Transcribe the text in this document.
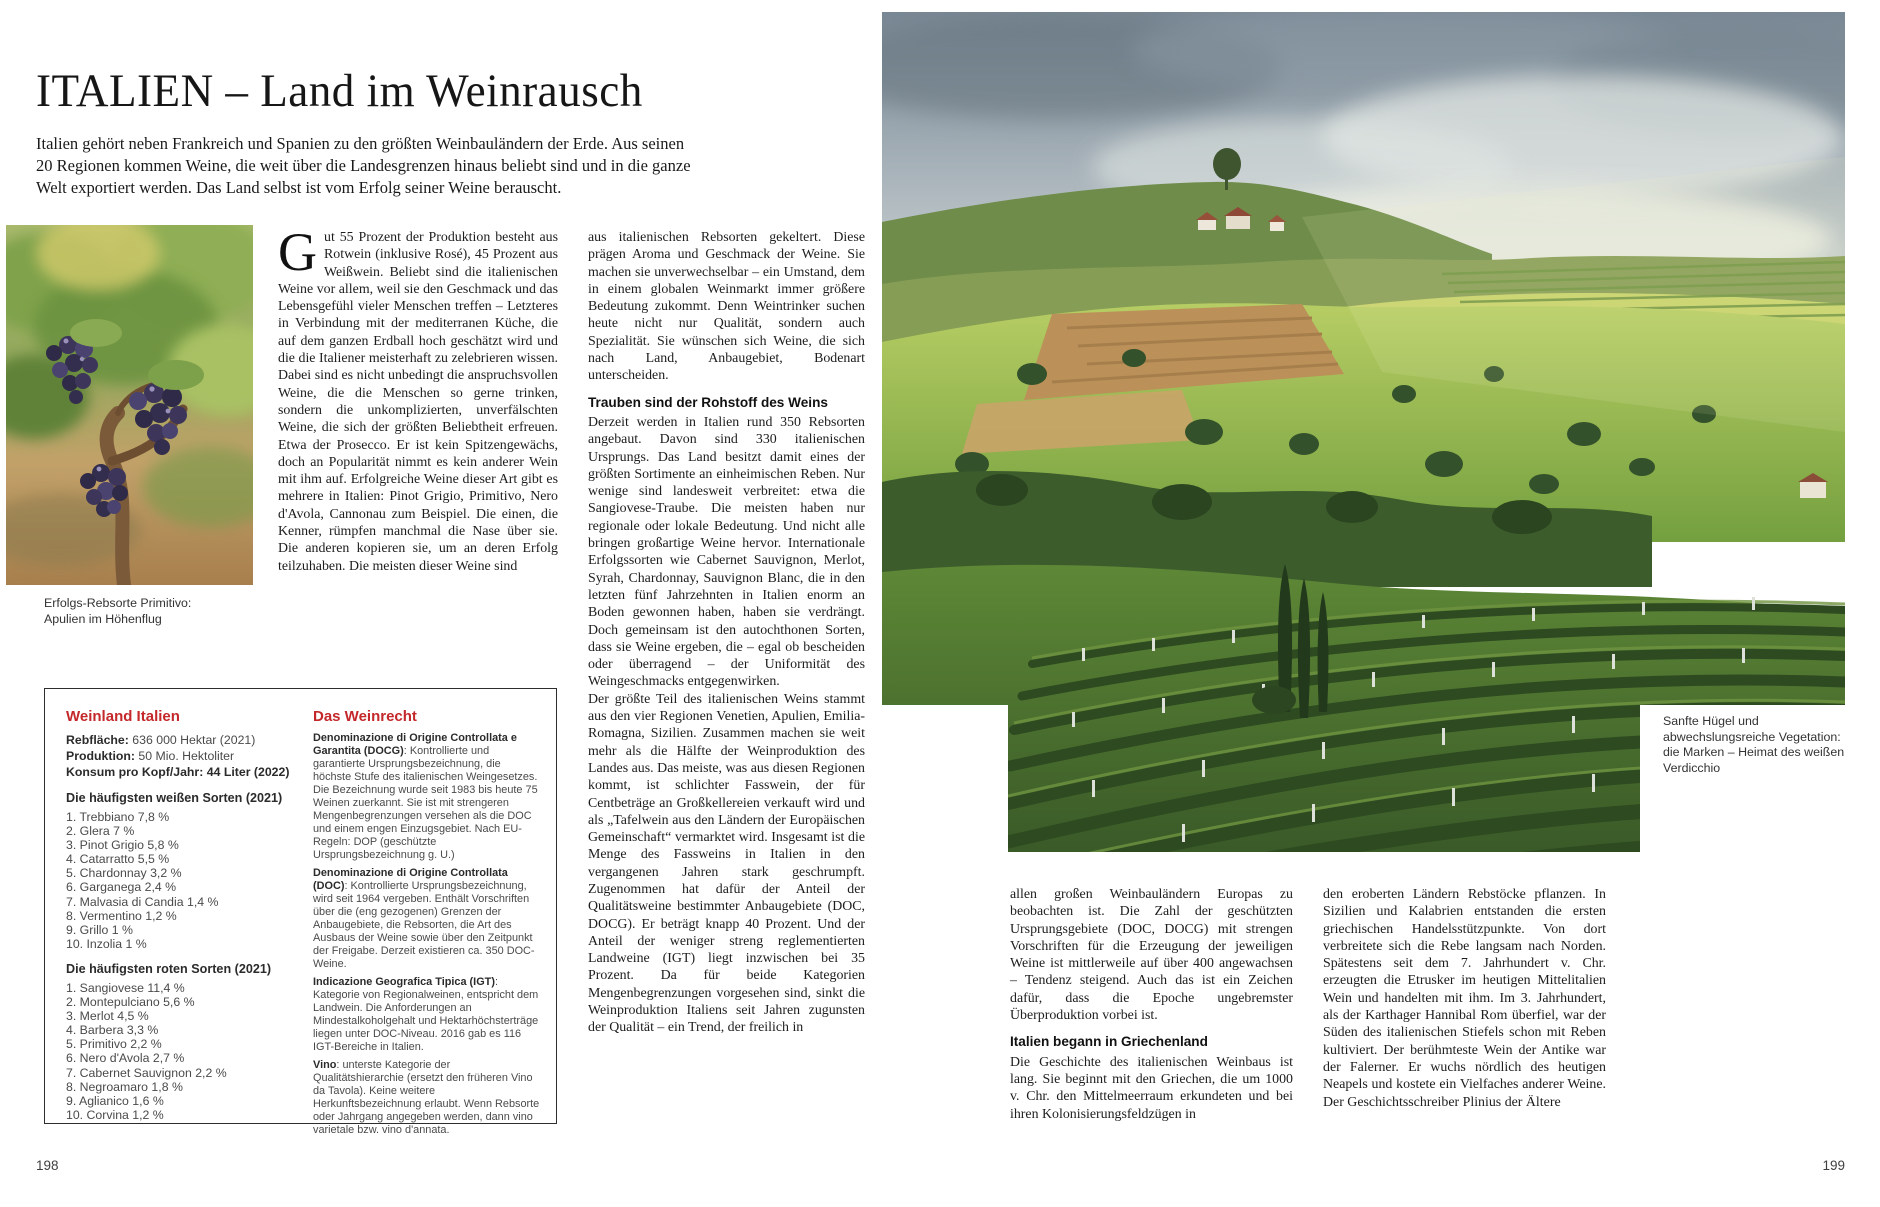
ITALIEN – Land im Weinrausch
Italien gehört neben Frankreich und Spanien zu den größten Weinbauländern der Erde. Aus seinen 20 Regionen kommen Weine, die weit über die Landesgrenzen hinaus beliebt sind und in die ganze Welt exportiert werden. Das Land selbst ist vom Erfolg seiner Weine berauscht.
Erfolgs-Rebsorte Primitivo: Apulien im Höhenflug

Gut 55 Prozent der Produktion besteht aus Rotwein (inklusive Rosé), 45 Prozent aus Weißwein. Beliebt sind die italienischen Weine vor allem, weil sie den Geschmack und das Lebensgefühl vieler Menschen treffen – Letzteres in Verbindung mit der mediterranen Küche, die auf dem ganzen Erdball hoch geschätzt wird und die die Italiener meisterhaft zu zelebrieren wissen. Dabei sind es nicht unbedingt die anspruchsvollen Weine, die die Menschen so gerne trinken, sondern die unkomplizierten, unverfälschten Weine, die sich der größten Beliebtheit erfreuen. Etwa der Prosecco. Er ist kein Spitzengewächs, doch an Popularität nimmt es kein anderer Wein mit ihm auf. Erfolgreiche Weine dieser Art gibt es mehrere in Italien: Pinot Grigio, Primitivo, Nero d'Avola, Cannonau zum Beispiel. Die einen, die Kenner, rümpfen manchmal die Nase über sie. Die anderen kopieren sie, um an deren Erfolg teilzuhaben. Die meisten dieser Weine sind

aus italienischen Rebsorten gekeltert. Diese prägen Aroma und Geschmack der Weine. Sie machen sie unverwechselbar – ein Umstand, dem in einem globalen Weinmarkt immer größere Bedeutung zukommt. Denn Weintrinker suchen heute nicht nur Qualität, sondern auch Spezialität. Sie wünschen sich Weine, die sich nach Land, Anbaugebiet, Bodenart unterscheiden.

Trauben sind der Rohstoff des Weins

Derzeit werden in Italien rund 350 Rebsorten angebaut. Davon sind 330 italienischen Ursprungs. Das Land besitzt damit eines der größten Sortimente an einheimischen Reben. Nur wenige sind landesweit verbreitet: etwa die Sangiovese-Traube. Die meisten haben nur regionale oder lokale Bedeutung. Und nicht alle bringen großartige Weine hervor. Internationale Erfolgssorten wie Cabernet Sauvignon, Merlot, Syrah, Chardonnay, Sauvignon Blanc, die in den letzten fünf Jahrzehnten in Italien enorm an Boden gewonnen haben, haben sie verdrängt. Doch gemeinsam ist den autochthonen Sorten, dass sie Weine ergeben, die – egal ob bescheiden oder überragend – der Uniformität des Weingeschmacks entgegenwirken.

Der größte Teil des italienischen Weins stammt aus den vier Regionen Venetien, Apulien, Emilia-Romagna, Sizilien. Zusammen machen sie weit mehr als die Hälfte der Weinproduktion des Landes aus. Das meiste, was aus diesen Regionen kommt, ist schlichter Fasswein, der für Centbeträge an Großkellereien verkauft wird und als „Tafelwein aus den Ländern der Europäischen Gemeinschaft“ vermarktet wird. Insgesamt ist die Menge des Fassweins in Italien in den vergangenen Jahren stark geschrumpft. Zugenommen hat dafür der Anteil der Qualitätsweine bestimmter Anbaugebiete (DOC, DOCG). Er beträgt knapp 40 Prozent. Und der Anteil der weniger streng reglementierten Landweine (IGT) liegt inzwischen bei 35 Prozent. Da für beide Kategorien Mengenbegrenzungen vorgesehen sind, sinkt die Weinproduktion Italiens seit Jahren zugunsten der Qualität – ein Trend, der freilich in

Weinland Italien
Rebfläche: 636 000 Hektar (2021)
Produktion: 50 Mio. Hektoliter
Konsum pro Kopf/Jahr: 44 Liter (2022)
Die häufigsten weißen Sorten (2021)
1. Trebbiano 7,8 %
2. Glera 7 %
3. Pinot Grigio 5,8 %
4. Catarratto 5,5 %
5. Chardonnay 3,2 %
6. Garganega 2,4 %
7. Malvasia di Candia 1,4 %
8. Vermentino 1,2 %
9. Grillo 1 %
10. Inzolia 1 %
Die häufigsten roten Sorten (2021)
1. Sangiovese 11,4 %
2. Montepulciano 5,6 %
3. Merlot 4,5 %
4. Barbera 3,3 %
5. Primitivo 2,2 %
6. Nero d'Avola 2,7 %
7. Cabernet Sauvignon 2,2 %
8. Negroamaro 1,8 %
9. Aglianico 1,6 %
10. Corvina 1,2 %
Das Weinrecht

Denominazione di Origine Controllata e Garantita (DOCG): Kontrollierte und garantierte Ursprungsbezeichnung, die höchste Stufe des italienischen Weingesetzes. Die Bezeichnung wurde seit 1983 bis heute 75 Weinen zuerkannt. Sie ist mit strengeren Mengenbegrenzungen versehen als die DOC und einem engen Einzugsgebiet. Nach EU-Regeln: DOP (geschützte Ursprungsbezeichnung g. U.)

Denominazione di Origine Controllata (DOC): Kontrollierte Ursprungsbezeichnung, wird seit 1964 vergeben. Enthält Vorschriften über die (eng gezogenen) Grenzen der Anbaugebiete, die Rebsorten, die Art des Ausbaus der Weine sowie über den Zeitpunkt der Freigabe. Derzeit existieren ca. 350 DOC-Weine.

Indicazione Geografica Tipica (IGT): Kategorie von Regionalweinen, entspricht dem Landwein. Die Anforderungen an Mindestalkoholgehalt und Hektarhöchsterträge liegen unter DOC-Niveau. 2016 gab es 116 IGT-Bereiche in Italien.

Vino: unterste Kategorie der Qualitätshierarchie (ersetzt den früheren Vino da Tavola). Keine weitere Herkunftsbezeichnung erlaubt. Wenn Rebsorte oder Jahrgang angegeben werden, dann vino varietale bzw. vino d'annata.

198
Sanfte Hügel und abwechslungsreiche Vegetation: die Marken – Heimat des weißen Verdicchio

allen großen Weinbauländern Europas zu beobachten ist. Die Zahl der geschützten Ursprungsgebiete (DOC, DOCG) mit strengen Vorschriften für die Erzeugung der jeweiligen Weine ist mittlerweile auf über 400 angewachsen – Tendenz steigend. Auch das ist ein Zeichen dafür, dass die Epoche ungebremster Überproduktion vorbei ist.

Italien begann in Griechenland

Die Geschichte des italienischen Weinbaus ist lang. Sie beginnt mit den Griechen, die um 1000 v. Chr. den Mittelmeerraum erkundeten und bei ihren Kolonisierungsfeldzügen in

den eroberten Ländern Rebstöcke pflanzen. In Sizilien und Kalabrien entstanden die ersten griechischen Handelsstützpunkte. Von dort verbreitete sich die Rebe langsam nach Norden. Spätestens seit dem 7. Jahrhundert v. Chr. erzeugten die Etrusker im heutigen Mittelitalien Wein und handelten mit ihm. Im 3. Jahrhundert, als der Karthager Hannibal Rom überfiel, war der Süden des italienischen Stiefels schon mit Reben kultiviert. Der berühmteste Wein der Antike war der Falerner. Er wuchs nördlich des heutigen Neapels und kostete ein Vielfaches anderer Weine. Der Geschichtsschreiber Plinius der Ältere

199
